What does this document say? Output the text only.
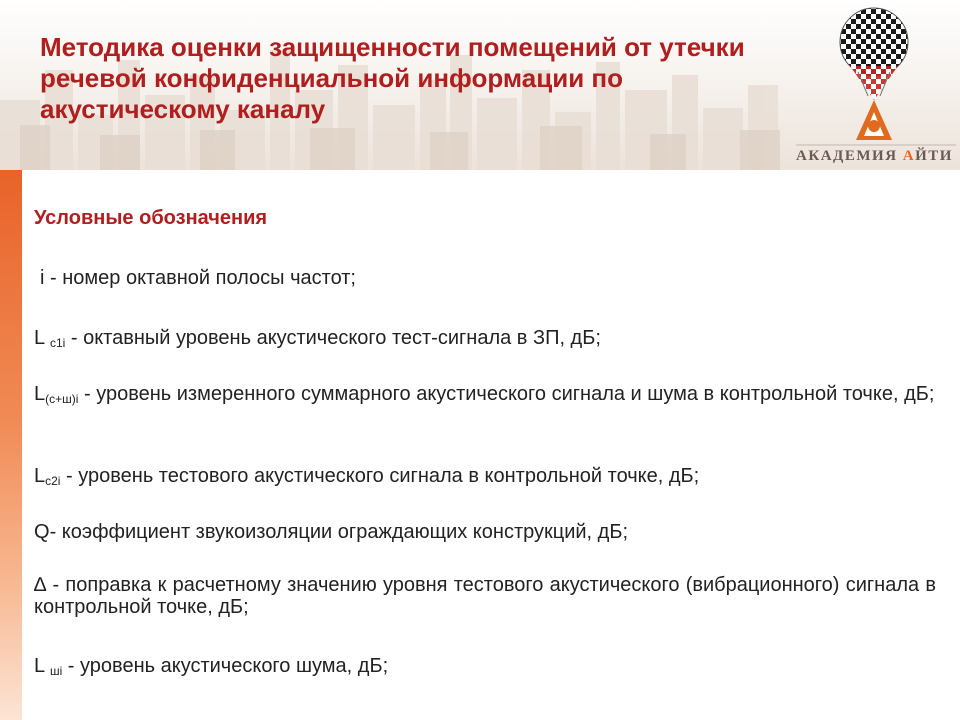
Методика оценки защищенности помещений от утечки речевой конфиденциальной информации по акустическому каналу
АКАДЕМИЯ АЙТИ
Условные обозначения

i - номер октавной полосы частот;

L $_{с1i}$ - октавный уровень акустического тест-сигнала в ЗП, дБ;

$L_{(с+ш)i}$ - уровень измеренного суммарного акустического сигнала и шума в контрольной точке, дБ;

$L_{с2i}$ - уровень тестового акустического сигнала в контрольной точке, дБ;

Q- коэффициент звукоизоляции ограждающих конструкций, дБ;

∆ - поправка к расчетному значению уровня тестового акустического (вибрационного) сигнала в контрольной точке, дБ;

L $_{шi}$ - уровень акустического шума, дБ;
